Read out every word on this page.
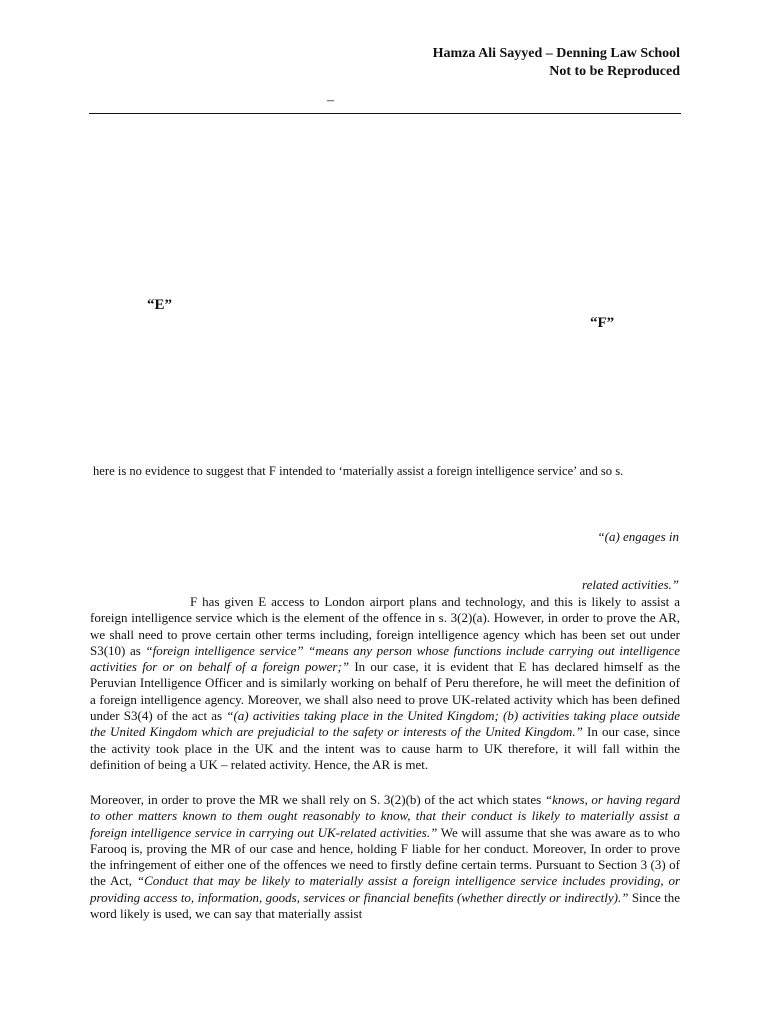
Hamza Ali Sayyed – Denning Law School
Not to be Reproduced
–
“E”
“F”
here is no evidence to suggest that F intended to ‘materially assist a foreign intelligence service’ and so s.
“(a) engages in
related activities.”
F has given E access to London airport plans and technology, and this is likely to assist a foreign intelligence service which is the element of the offence in s. 3(2)(a). However, in order to prove the AR, we shall need to prove certain other terms including, foreign intelligence agency which has been set out under S3(10) as “foreign intelligence service” “means any person whose functions include carrying out intelligence activities for or on behalf of a foreign power;” In our case, it is evident that E has declared himself as the Peruvian Intelligence Officer and is similarly working on behalf of Peru therefore, he will meet the definition of a foreign intelligence agency. Moreover, we shall also need to prove UK-related activity which has been defined under S3(4) of the act as “(a) activities taking place in the United Kingdom; (b) activities taking place outside the United Kingdom which are prejudicial to the safety or interests of the United Kingdom.” In our case, since the activity took place in the UK and the intent was to cause harm to UK therefore, it will fall within the definition of being a UK – related activity. Hence, the AR is met.
Moreover, in order to prove the MR we shall rely on S. 3(2)(b) of the act which states “knows, or having regard to other matters known to them ought reasonably to know, that their conduct is likely to materially assist a foreign intelligence service in carrying out UK-related activities.” We will assume that she was aware as to who Farooq is, proving the MR of our case and hence, holding F liable for her conduct. Moreover, In order to prove the infringement of either one of the offences we need to firstly define certain terms. Pursuant to Section 3 (3) of the Act, “Conduct that may be likely to materially assist a foreign intelligence service includes providing, or providing access to, information, goods, services or financial benefits (whether directly or indirectly).” Since the word likely is used, we can say that materially assist
